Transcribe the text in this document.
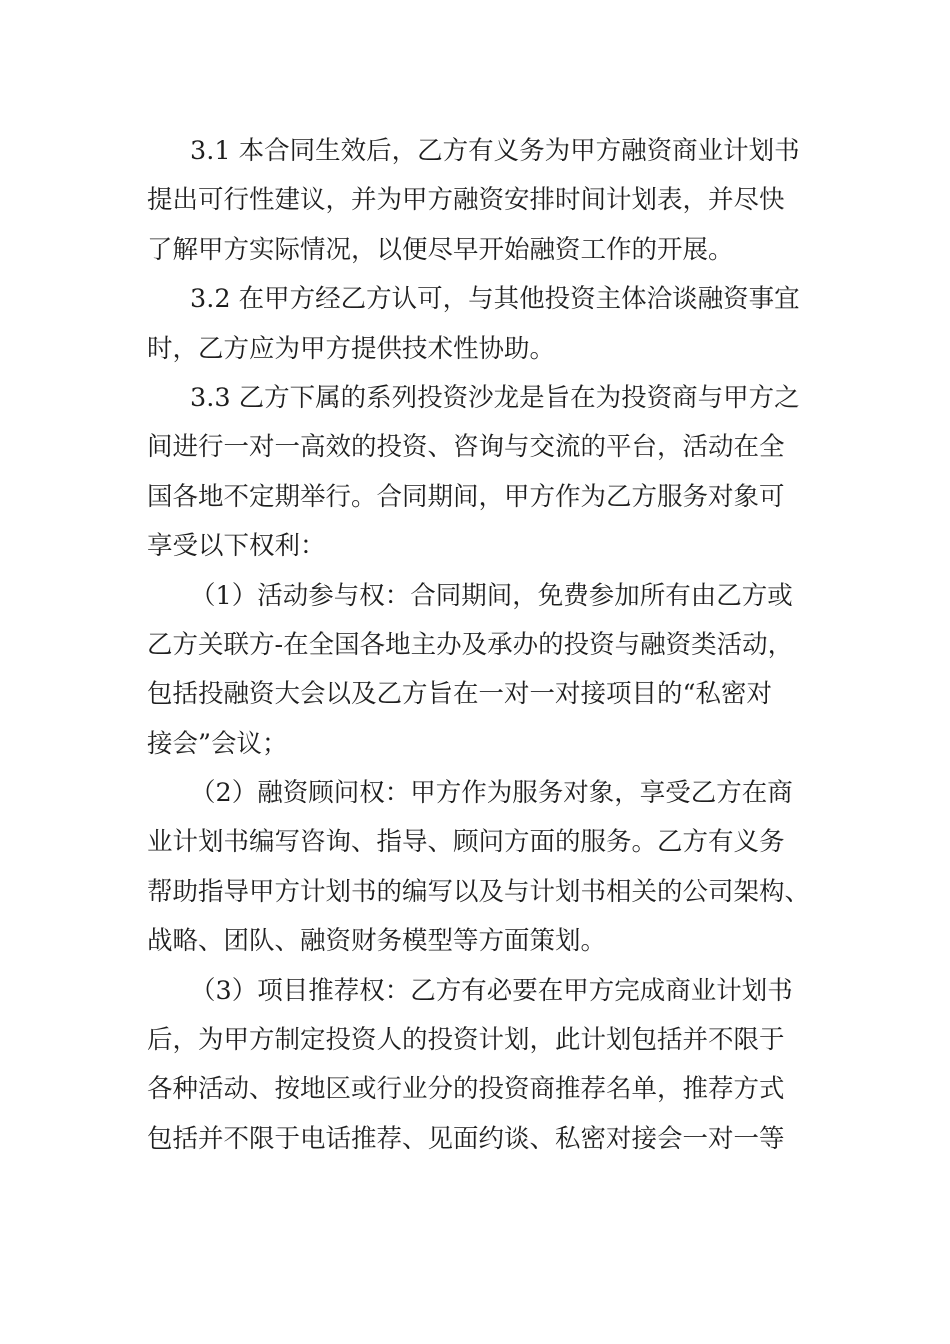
3.1 本合同生效后，乙方有义务为甲方融资商业计划书
提出可行性建议，并为甲方融资安排时间计划表，并尽快
了解甲方实际情况，以便尽早开始融资工作的开展。
3.2 在甲方经乙方认可，与其他投资主体洽谈融资事宜
时，乙方应为甲方提供技术性协助。
3.3 乙方下属的系列投资沙龙是旨在为投资商与甲方之
间进行一对一高效的投资、咨询与交流的平台，活动在全
国各地不定期举行。合同期间，甲方作为乙方服务对象可
享受以下权利：
（1）活动参与权：合同期间，免费参加所有由乙方或
乙方关联方-在全国各地主办及承办的投资与融资类活动，
包括投融资大会以及乙方旨在一对一对接项目的“私密对
接会”会议；
（2）融资顾问权：甲方作为服务对象，享受乙方在商
业计划书编写咨询、指导、顾问方面的服务。乙方有义务
帮助指导甲方计划书的编写以及与计划书相关的公司架构、
战略、团队、融资财务模型等方面策划。
（3）项目推荐权：乙方有必要在甲方完成商业计划书
后，为甲方制定投资人的投资计划，此计划包括并不限于
各种活动、按地区或行业分的投资商推荐名单，推荐方式
包括并不限于电话推荐、见面约谈、私密对接会一对一等
